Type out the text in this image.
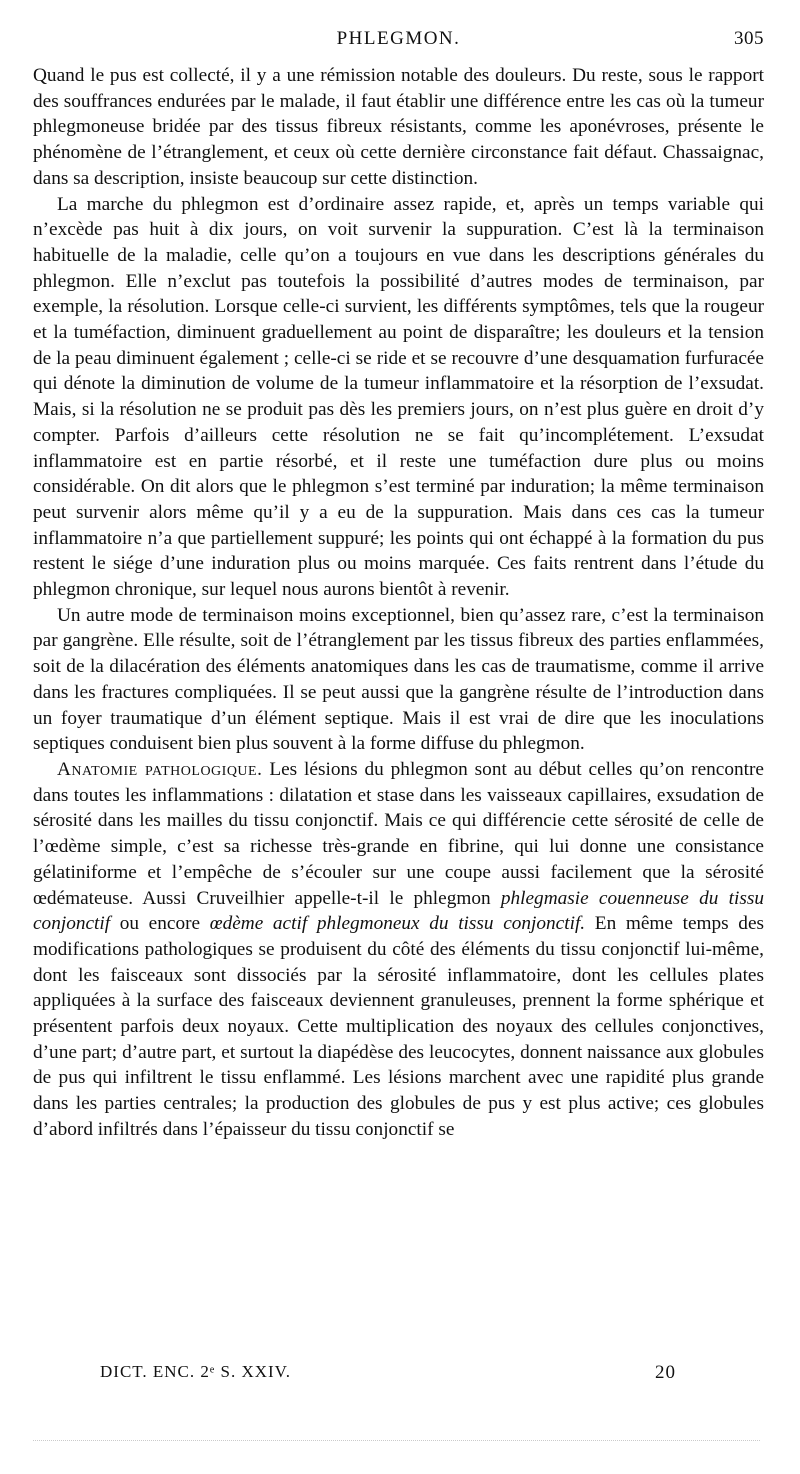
PHLEGMON.	305

Quand le pus est collecté, il y a une rémission notable des douleurs. Du reste, sous le rapport des souffrances endurées par le malade, il faut établir une différence entre les cas où la tumeur phlegmoneuse bridée par des tissus fibreux résistants, comme les aponévroses, présente le phénomène de l’étranglement, et ceux où cette dernière circonstance fait défaut. Chassaignac, dans sa description, insiste beaucoup sur cette distinction.

La marche du phlegmon est d’ordinaire assez rapide, et, après un temps variable qui n’excède pas huit à dix jours, on voit survenir la suppuration. C’est là la terminaison habituelle de la maladie, celle qu’on a toujours en vue dans les descriptions générales du phlegmon. Elle n’exclut pas toutefois la possibilité d’autres modes de terminaison, par exemple, la résolution. Lorsque celle-ci survient, les différents symptômes, tels que la rougeur et la tuméfaction, diminuent graduellement au point de disparaître; les douleurs et la tension de la peau diminuent également ; celle-ci se ride et se recouvre d’une desquamation furfuracée qui dénote la diminution de volume de la tumeur inflammatoire et la résorption de l’exsudat. Mais, si la résolution ne se produit pas dès les premiers jours, on n’est plus guère en droit d’y compter. Parfois d’ailleurs cette résolution ne se fait qu’incomplétement. L’exsudat inflammatoire est en partie résorbé, et il reste une tuméfaction dure plus ou moins considérable. On dit alors que le phlegmon s’est terminé par induration; la même terminaison peut survenir alors même qu’il y a eu de la suppuration. Mais dans ces cas la tumeur inflammatoire n’a que partiellement suppuré; les points qui ont échappé à la formation du pus restent le siége d’une induration plus ou moins marquée. Ces faits rentrent dans l’étude du phlegmon chronique, sur lequel nous aurons bientôt à revenir.

Un autre mode de terminaison moins exceptionnel, bien qu’assez rare, c’est la terminaison par gangrène. Elle résulte, soit de l’étranglement par les tissus fibreux des parties enflammées, soit de la dilacération des éléments anatomiques dans les cas de traumatisme, comme il arrive dans les fractures compliquées. Il se peut aussi que la gangrène résulte de l’introduction dans un foyer traumatique d’un élément septique. Mais il est vrai de dire que les inoculations septiques conduisent bien plus souvent à la forme diffuse du phlegmon.

Anatomie pathologique. Les lésions du phlegmon sont au début celles qu’on rencontre dans toutes les inflammations : dilatation et stase dans les vaisseaux capillaires, exsudation de sérosité dans les mailles du tissu conjonctif. Mais ce qui différencie cette sérosité de celle de l’œdème simple, c’est sa richesse très-grande en fibrine, qui lui donne une consistance gélatiniforme et l’empêche de s’écouler sur une coupe aussi facilement que la sérosité œdémateuse. Aussi Cruveilhier appelle-t-il le phlegmon phlegmasie couenneuse du tissu conjonctif ou encore œdème actif phlegmoneux du tissu conjonctif. En même temps des modifications pathologiques se produisent du côté des éléments du tissu conjonctif lui-même, dont les faisceaux sont dissociés par la sérosité inflammatoire, dont les cellules plates appliquées à la surface des faisceaux deviennent granuleuses, prennent la forme sphérique et présentent parfois deux noyaux. Cette multiplication des noyaux des cellules conjonctives, d’une part; d’autre part, et surtout la diapédèse des leucocytes, donnent naissance aux globules de pus qui infiltrent le tissu enflammé. Les lésions marchent avec une rapidité plus grande dans les parties centrales; la production des globules de pus y est plus active; ces globules d’abord infiltrés dans l’épaisseur du tissu conjonctif se

DICT. ENC. 2ᵉ S. XXIV.	20
